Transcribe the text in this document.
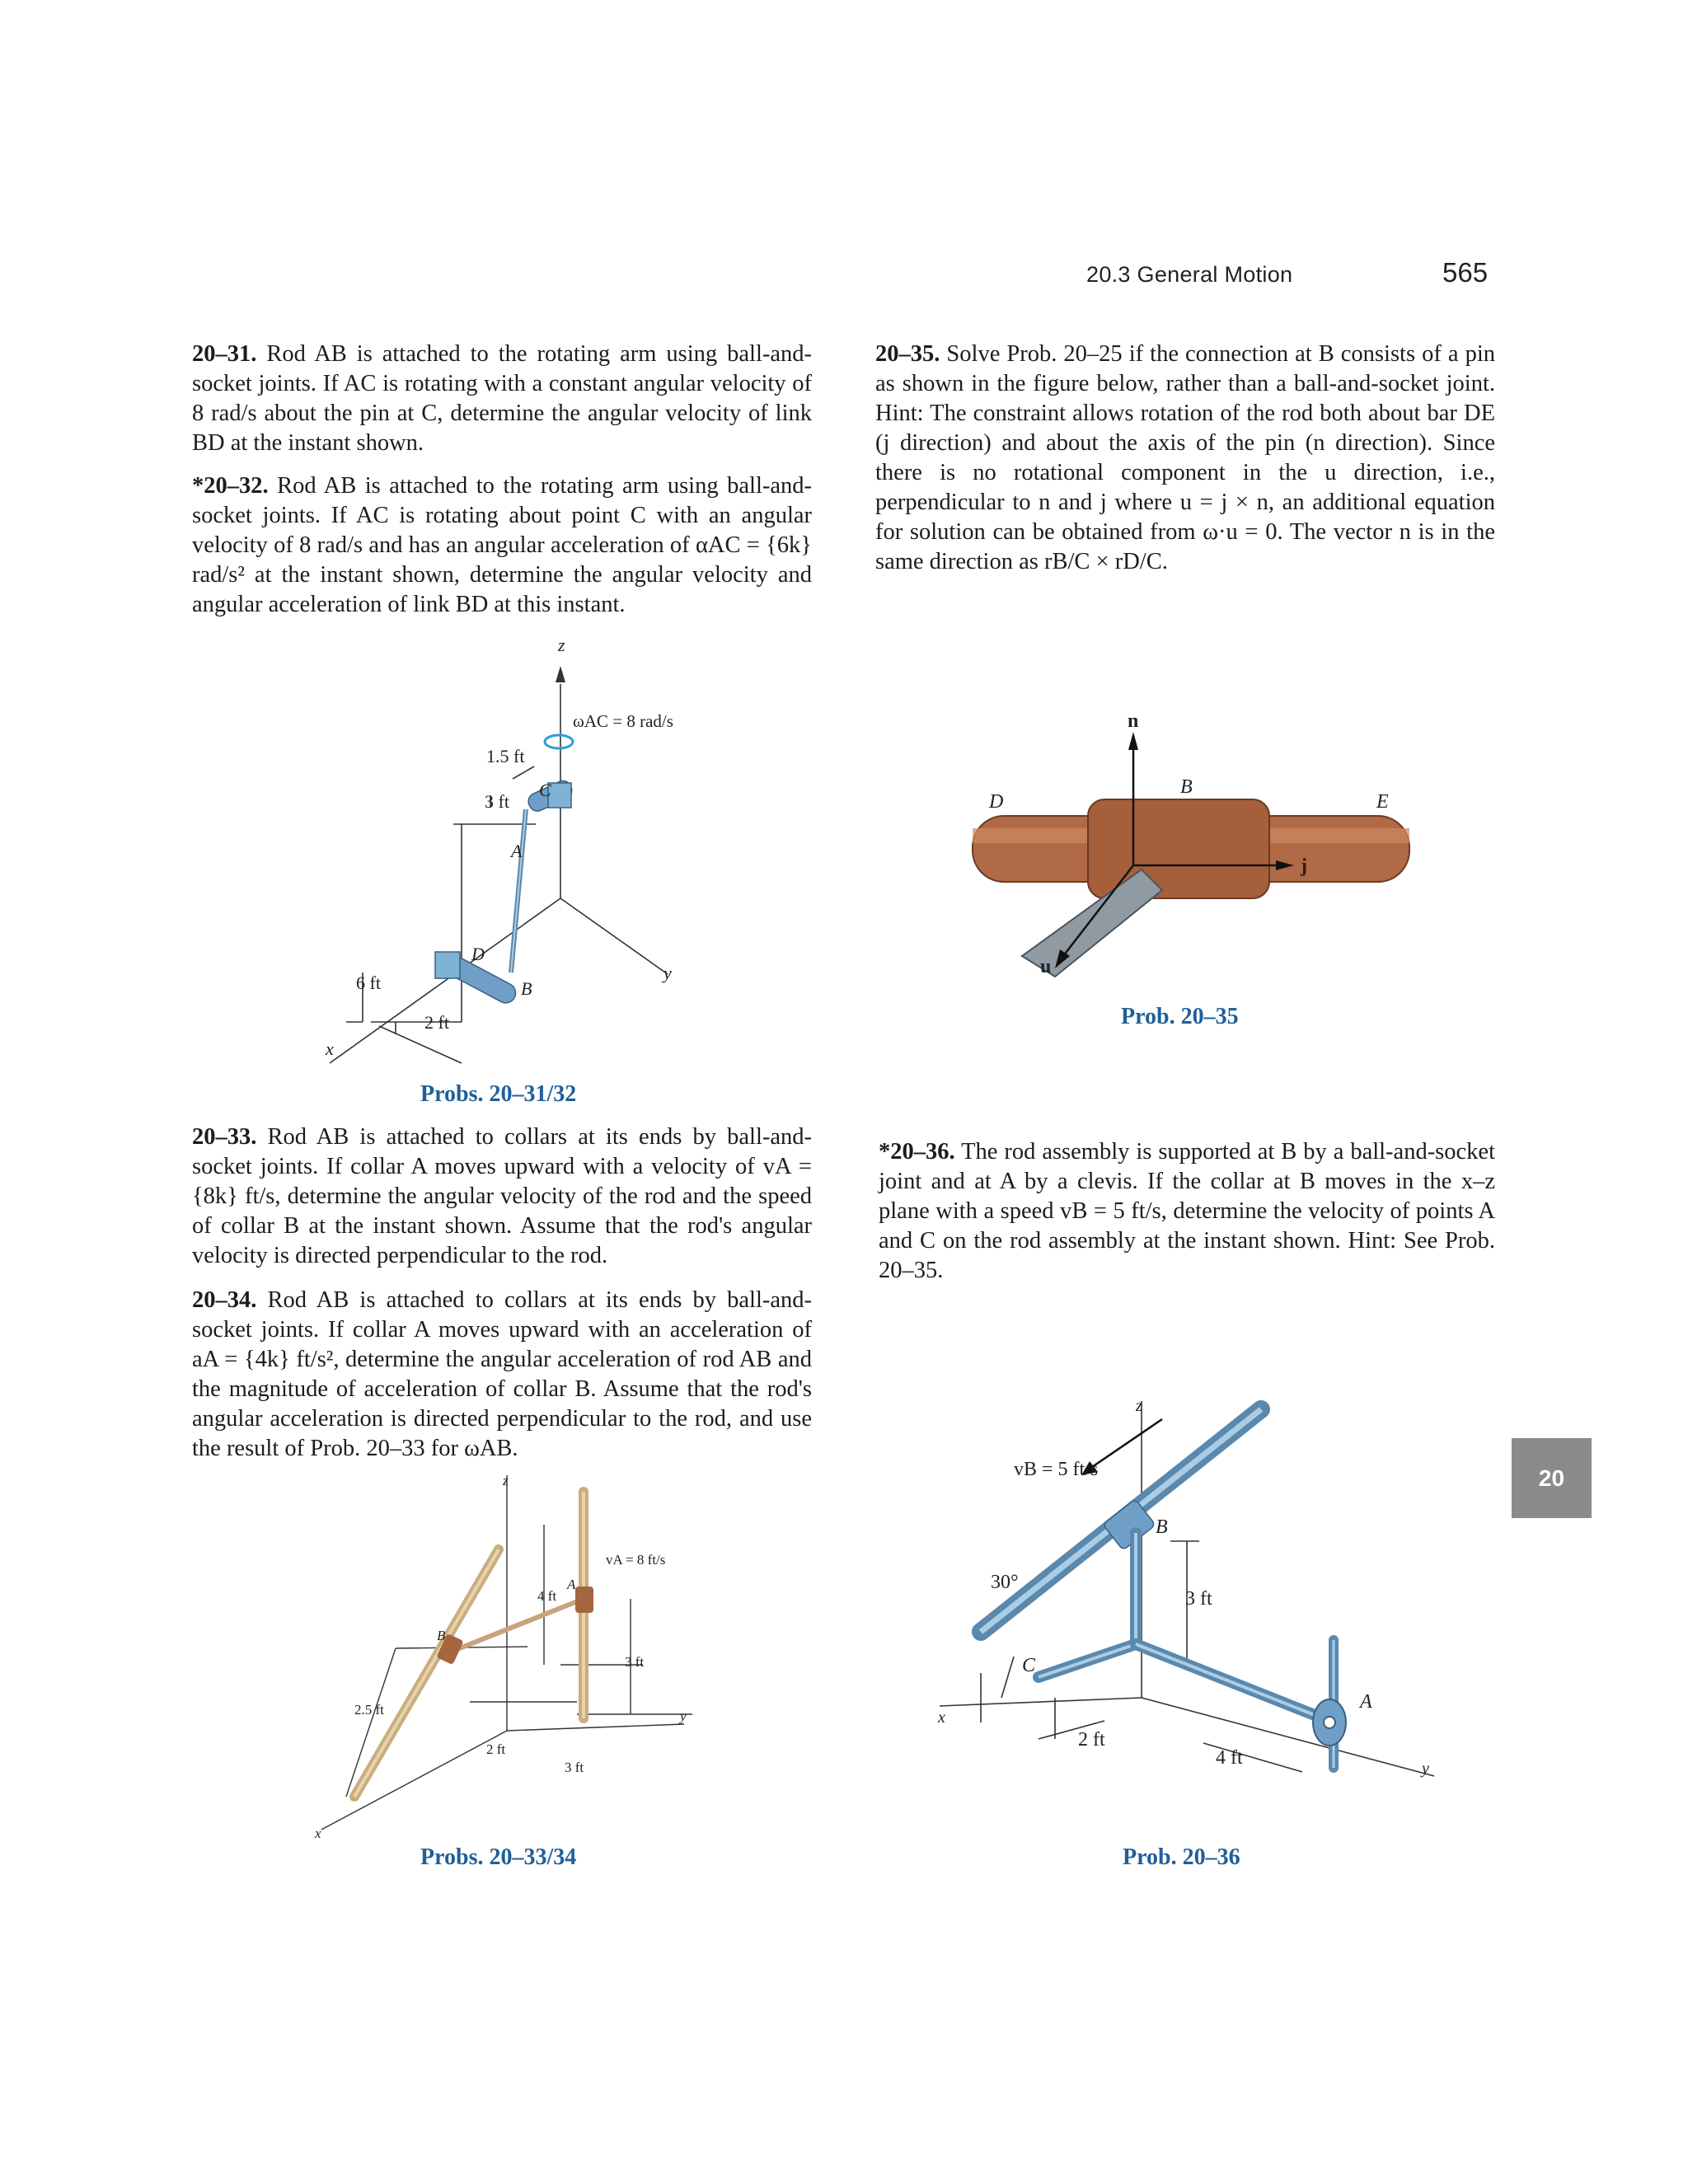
20.3 General Motion	565
20–31. Rod AB is attached to the rotating arm using ball-and-socket joints. If AC is rotating with a constant angular velocity of 8 rad/s about the pin at C, determine the angular velocity of link BD at the instant shown.
*20–32. Rod AB is attached to the rotating arm using ball-and-socket joints. If AC is rotating about point C with an angular velocity of 8 rad/s and has an angular acceleration of αAC = {6k} rad/s² at the instant shown, determine the angular velocity and angular acceleration of link BD at this instant.
20–33. Rod AB is attached to collars at its ends by ball-and-socket joints. If collar A moves upward with a velocity of vA = {8k} ft/s, determine the angular velocity of the rod and the speed of collar B at the instant shown. Assume that the rod's angular velocity is directed perpendicular to the rod.
20–34. Rod AB is attached to collars at its ends by ball-and-socket joints. If collar A moves upward with an acceleration of aA = {4k} ft/s², determine the angular acceleration of rod AB and the magnitude of acceleration of collar B. Assume that the rod's angular acceleration is directed perpendicular to the rod, and use the result of Prob. 20–33 for ωAB.
20–35. Solve Prob. 20–25 if the connection at B consists of a pin as shown in the figure below, rather than a ball-and-socket joint. Hint: The constraint allows rotation of the rod both about bar DE (j direction) and about the axis of the pin (n direction). Since there is no rotational component in the u direction, i.e., perpendicular to n and j where u = j × n, an additional equation for solution can be obtained from ω·u = 0. The vector n is in the same direction as rB/C × rD/C.
*20–36. The rod assembly is supported at B by a ball-and-socket joint and at A by a clevis. If the collar at B moves in the x–z plane with a speed vB = 5 ft/s, determine the velocity of points A and C on the rod assembly at the instant shown. Hint: See Prob. 20–35.
z
ωAC = 8 rad/s
1.5 ft
3 ft
C
A
D
B
6 ft
2 ft
x
y
Probs. 20–31/32
n
D
B
E
j
u
Prob. 20–35
z
vA = 8 ft/s
A
4 ft
B
3 ft
2.5 ft
2 ft
3 ft
x
y
Probs. 20–33/34
z
vB = 5 ft/s
B
30°
3 ft
C
A
2 ft
4 ft
x
y
Prob. 20–36
20
